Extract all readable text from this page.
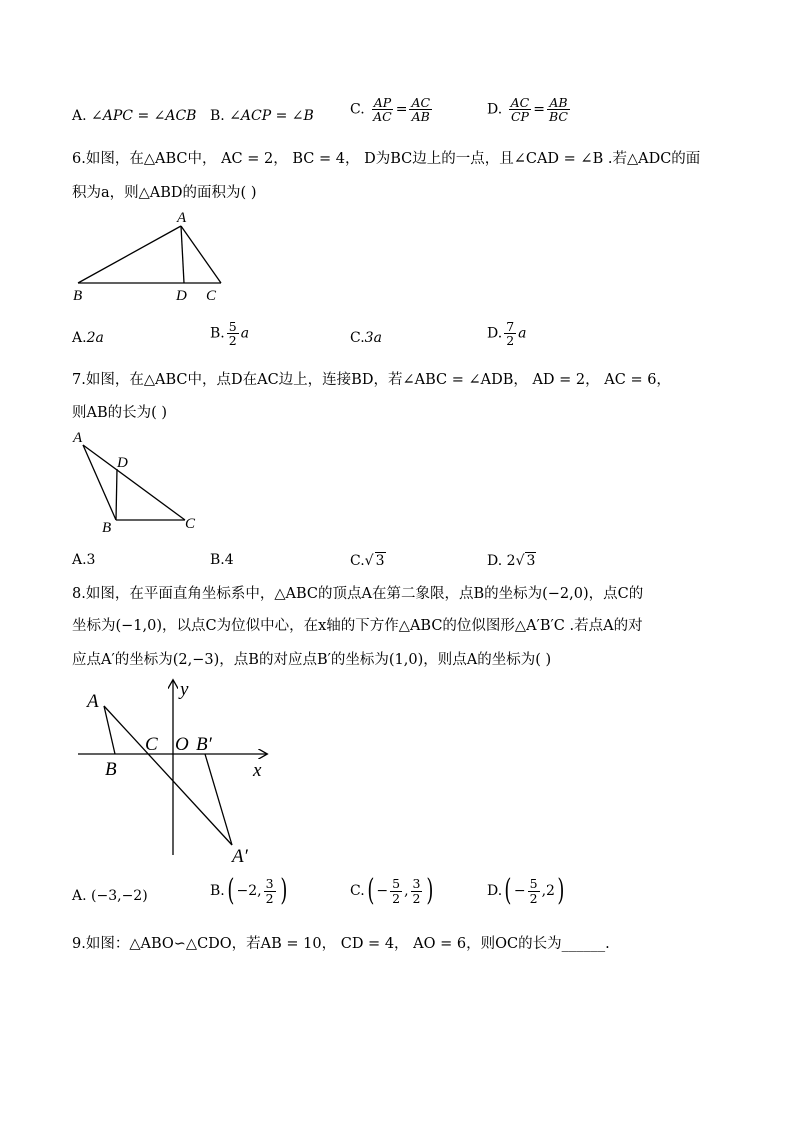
A. ∠APC = ∠ACB B. ∠ACP = ∠B	C. $\frac{AP}{AC} = \frac{AC}{AB}$	D. $\frac{AC}{CP} = \frac{AB}{BC}$
6.如图，在△ABC中， AC = 2， BC = 4， D为BC边上的一点，且∠CAD = ∠B .若△ADC的面
积为a，则△ABD的面积为( )
A
B	D C
A.2a	B. $\frac{5}{2}$ a	C.3a	D. $\frac{7}{2}$ a
7.如图，在△ABC中，点D在AC边上，连接BD，若∠ABC = ∠ADB， AD = 2， AC = 6，
则AB的长为( )
A
D
B	C
A.3	B.4	C.√ 3	D. 2√ 3
8.如图，在平面直角坐标系中，△ABC的顶点A在第二象限，点B的坐标为(−2,0)，点C的
坐标为(−1,0)，以点C为位似中心，在x轴的下方作△ABC的位似图形△A′B′C .若点A的对
应点A′的坐标为(2,−3)，点B的对应点B′的坐标为(1,0)，则点A的坐标为( )
A
B
C O B′
x
y
A′
A. (−3,−2)	B. ( −2, $\frac{3}{2}$ )	C. ( − $\frac{5}{2}$ , $\frac{3}{2}$ )	D. ( − $\frac{5}{2} ,2$ )
9.如图：△ABO∽△CDO，若AB = 10， CD = 4， AO = 6，则OC的长为______.
